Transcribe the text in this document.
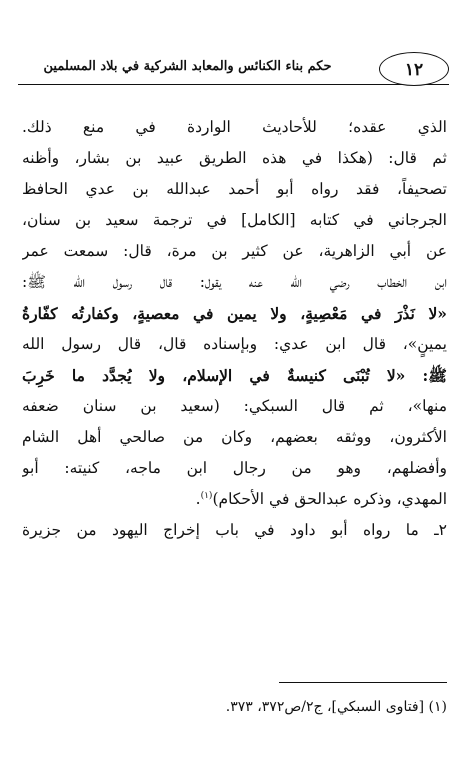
حكم بناء الكنائس والمعابد الشركية في بلاد المسلمين	١٢
الذي عقده؛ للأحاديث الواردة في منع ذلك.
ثم قال: (هكذا في هذه الطريق عبيد بن بشار، وأظنه
تصحيفاً، فقد رواه أبو أحمد عبدالله بن عدي الحافظ
الجرجاني في كتابه [الكامل] في ترجمة سعيد بن سنان،
عن أبي الزاهرية، عن كثير بن مرة، قال: سمعت عمر
ابن الخطاب رضي الله عنه يقول: قال رسول الله ﷺ:
«لا نَذْرَ في مَعْصِيةٍ، ولا يمين في معصيةٍ، وكفارتُه كفّارةُ
يمينٍ»، قال ابن عدي: وبإسناده قال، قال رسول الله
ﷺ: «لا تُبْنَى كنيسةٌ في الإسلام، ولا يُجدَّد ما خَرِبَ
منها»، ثم قال السبكي: (سعيد بن سنان ضعفه
الأكثرون، ووثقه بعضهم، وكان من صالحي أهل الشام
وأفضلهم، وهو من رجال ابن ماجه، كنيته: أبو
المهدي، وذكره عبدالحق في الأحكام)$^{(١)}$.
٢ـ ما رواه أبو داود في باب إخراج اليهود من جزيرة
(١) [فتاوى السبكي]، ج٢/ص٣٧٢، ٣٧٣.
